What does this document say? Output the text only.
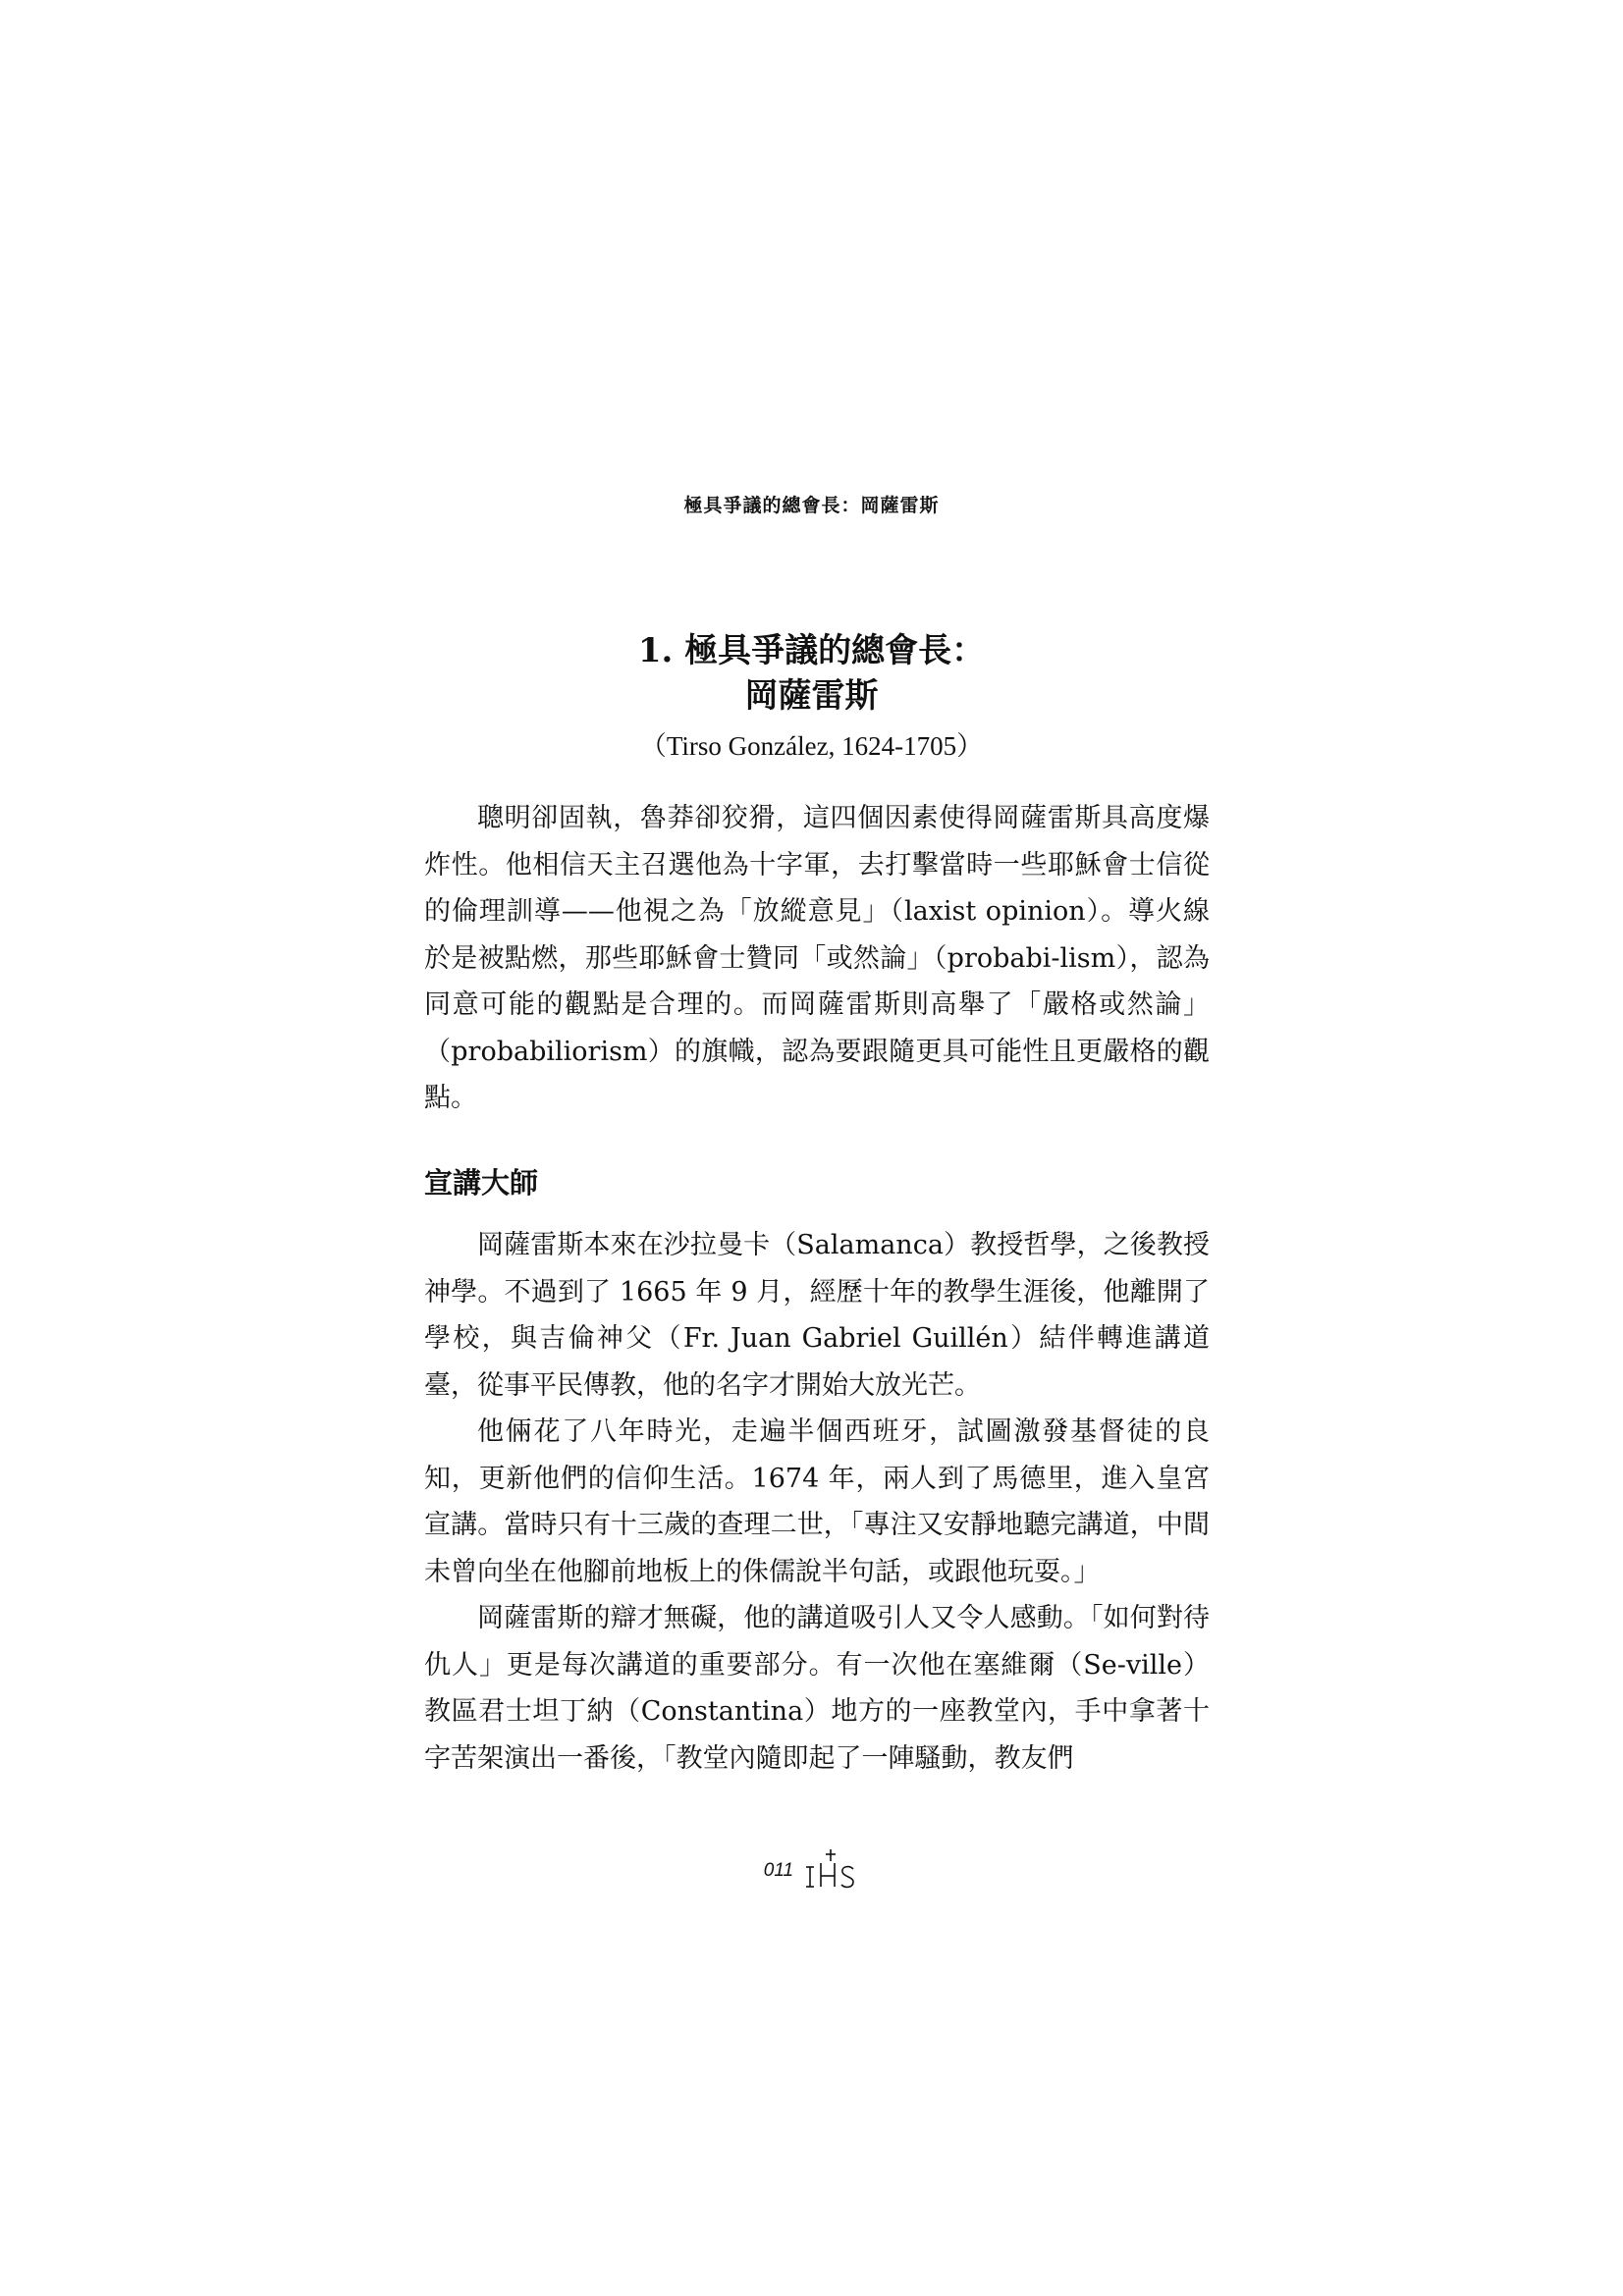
極具爭議的總會長：岡薩雷斯
1. 極具爭議的總會長：
岡薩雷斯
（Tirso González, 1624-1705）

聰明卻固執，魯莽卻狡猾，這四個因素使得岡薩雷斯具高度爆炸性。他相信天主召選他為十字軍，去打擊當時一些耶穌會士信從的倫理訓導——他視之為「放縱意見」（laxist opinion）。導火線於是被點燃，那些耶穌會士贊同「或然論」（probabi-lism），認為同意可能的觀點是合理的。而岡薩雷斯則高舉了「嚴格或然論」（probabiliorism）的旗幟，認為要跟隨更具可能性且更嚴格的觀點。

宣講大師

岡薩雷斯本來在沙拉曼卡（Salamanca）教授哲學，之後教授神學。不過到了 1665 年 9 月，經歷十年的教學生涯後，他離開了學校，與吉倫神父（Fr. Juan Gabriel Guillén）結伴轉進講道臺，從事平民傳教，他的名字才開始大放光芒。

他倆花了八年時光，走遍半個西班牙，試圖激發基督徒的良知，更新他們的信仰生活。1674 年，兩人到了馬德里，進入皇宮宣講。當時只有十三歲的查理二世，「專注又安靜地聽完講道，中間未曾向坐在他腳前地板上的侏儒說半句話，或跟他玩耍。」

岡薩雷斯的辯才無礙，他的講道吸引人又令人感動。「如何對待仇人」更是每次講道的重要部分。有一次他在塞維爾（Se-ville）教區君士坦丁納（Constantina）地方的一座教堂內，手中拿著十字苦架演出一番後，「教堂內隨即起了一陣騷動，教友們

011
